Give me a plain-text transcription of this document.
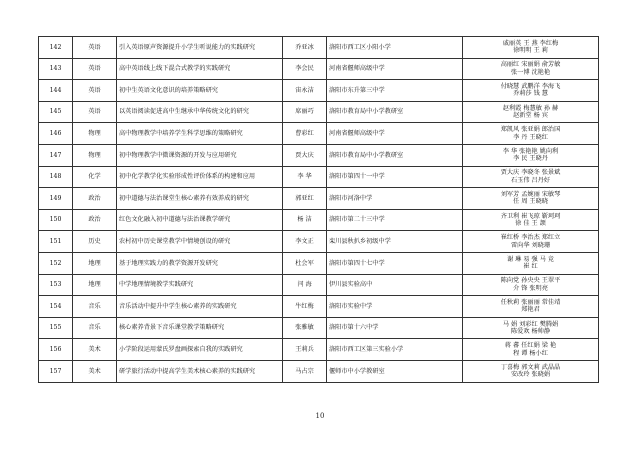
142	英语	引入英语原声资源提升小学生听说能力的实践研究	乔亚冰	洛阳市西工区小阳小学	戚丽英 王 燕 李红梅
徐明明 王 莉
143	英语	高中英语线上线下混合式教学的实践研究	李会民	河南省偃师高级中学	高丽红 宋丽娟 俞芳敏
张一博 沈艳艳
144	英语	初中生英语文化意识的培养策略研究	宙永洁	洛阳市东升第三中学	付晓慧 武鹏洋 李海飞
乔莉莎 钱 慧
145	英语	以英语阅读促进高中生继承中华传统文化的研究	席丽巧	洛阳市教育局中小学教研室	赵利霞 梅慧敏 孙 赫
赵新堂 杨 宾
146	物理	高中物理教学中培养学生科学思维的策略研究	曹彩红	河南省偃师高级中学	郑凯风 张亚娟 郎治国
李 丹 王晓红
147	物理	初中物理教学中微课资源的开发与应用研究	贾大庆	洛阳市教育局中小学教研室	李 华 张艳艳 姚向利
李 民 王晓丹
148	化学	初中化学教学化实验形成性评价体系的构建和应用	李 华	洛阳市第四十一中学	贾大庆 李晓冬 张景斌
石玉伟 吕丹好
149	政治	初中道德与法治课堂生核心素养有效养成的研究	郭亚红	洛阳市河洛中学	刘军芳 孟婉丽 宋敏琴
任 周 王晓晓
150	政治	红色文化融入初中道德与法治课教学研究	杨 洁	洛阳市第二十三中学	齐卫利 崔飞琼 靳珂珂
徐 佳 王 颉
151	历史	农村初中历史课堂教学中情境创设的研究	李文正	栾川县秋扒乡初级中学	崔红桥 李治杰 郑红立
雷向华 刘晓珊
152	地理	基于地理实践力的教学资源开发研究	杜会军	洛阳市第四十七中学	谢 琳 易 强 马 竞
崔 红
153	地理	中学地理情境教学实践研究	闫 海	伊川县实验高中	陈向党 孙央央 王翠平
介 锋 张明亮
154	音乐	音乐活动中提升中学生核心素养的实践研究	牛红梅	洛阳市实验中学	任秋莉 张丽丽 常佳靖
郑艳君
155	音乐	核心素养背景下音乐课堂教学策略研究	张雅敏	洛阳市第十六中学	马 娟 刘彩红 樊腾娟
陈爱欢 杨帅静
156	美术	小学阶段运用蒙氏罗盘画探索自我的实践研究	王莉兵	洛阳市西工区第三实验小学	蒋 蕃 任红娟 梁 艳
程 谭 杨小红
157	美术	研学旅行活动中提高学生美术核心素养的实践研究	马占宗	偃师市中小学教研室	丁喜梅 郭文莉 武晶晶
安改玲 张晓娟
10
